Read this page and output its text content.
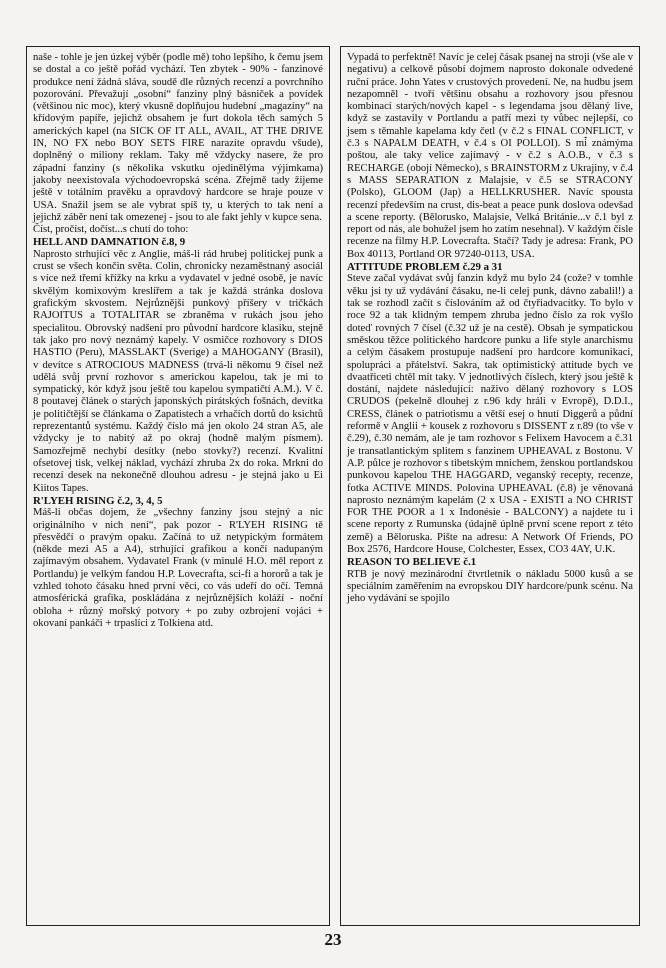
naše - tohle je jen úzkej výběr (podle mě) toho lepšího, k čemu jsem se dostal a co ještě pořád vychází. Ten zbytek - 90% - fanzinové produkce není žádná sláva, soudě dle různých recenzí a povrchního pozorování. Převažují „osobní“ fanziny plný básniček a povídek (většinou nic moc), který vkusně doplňujou hudební „magazíny“ na křídovým papíře, jejichž obsahem je furt dokola těch samých 5 amerických kapel (na SICK OF IT ALL, AVAIL, AT THE DRIVE IN, NO FX nebo BOY SETS FIRE narazíte opravdu všude), doplněný o miliony reklam. Taky mě vždycky nasere, že pro západní fanziny (s několika vskutku ojedinělýma výjimkama) jakoby neexistovala východoevropská scéna. Zřejmě tady žijeme ještě v totálním pravěku a opravdový hardcore se hraje pouze v USA. Snažil jsem se ale vybrat spíš ty, u kterých to tak není a jejichž záběr není tak omezenej - jsou to ale fakt jehly v kupce sena.

Číst, pročíst, dočíst...s chutí do toho:

HELL AND DAMNATION č.8, 9

Naprosto strhující věc z Anglie, máš-li rád hrubej politickej punk a crust se všech končin světa. Colin, chronicky nezaměstnaný asociál s více než třemi křížky na krku a vydavatel v jedné osobě, je navíc skvělým komixovým kreslířem a tak je každá stránka doslova grafickým skvostem. Nejrůznější punkový příšery v tričkách RAJOITUS a TOTALITAR se zbraněma v rukách jsou jeho specialitou. Obrovský nadšení pro původní hardcore klasiku, stejně tak jako pro nový neznámý kapely. V osmičce rozhovory s DIOS HASTIO (Peru), MASSLAKT (Sverige) a MAHOGANY (Brasil), v devítce s ATROCIOUS MADNESS (trvá-li někomu 9 čísel než udělá svůj první rozhovor s americkou kapelou, tak je mi to sympatický, kór když jsou ještě tou kapelou sympatičtí A.M.). V č. 8 poutavej článek o starých japonských pirátských fošnách, devítka je političtější se článkama o Zapatistech a vrhačích dortů do ksichtů reprezentantů systému. Každý číslo má jen okolo 24 stran A5, ale vždycky je to nabitý až po okraj (hodně malým písmem). Samozřejmě nechybí desítky (nebo stovky?) recenzí. Kvalitní ofsetovej tisk, velkej náklad, vychází zhruba 2x do roka. Mrkni do recenzí desek na nekonečně dlouhou adresu - je stejná jako u Ei Kiitos Tapes.

R'LYEH RISING č.2, 3, 4, 5

Máš-li občas dojem, že „všechny fanziny jsou stejný a nic originálního v nich není“, pak pozor - R'LYEH RISING tě přesvědčí o pravým opaku. Začíná to už netypickým formátem (někde mezi A5 a A4), strhující grafikou a končí nadupaným zajímavým obsahem. Vydavatel Frank (v minulé H.O. měl report z Portlandu) je velkým fandou H.P. Lovecrafta, sci-fi a hororů a tak je vzhled tohoto čásaku hned první věci, co vás udeří do očí. Temná atmosférická grafika, poskládána z nejrůznějších koláží - noční obloha + různý mořský potvory + po zuby ozbrojení vojáci + okovaní pankáči + trpaslíci z Tolkiena atd.

Vypadá to perfektně! Navíc je celej čásak psanej na stroji (vše ale v negativu) a celkově působí dojmem naprosto dokonale odvedené ruční práce. John Yates v crustových provedení. Ne, na hudbu jsem nezapomněl - tvoří většinu obsahu a rozhovory jsou přesnou kombinací starých/nových kapel - s legendama jsou dělaný live, když se zastavily v Portlandu a patří mezi ty vůbec nejlepší, co jsem s těmahle kapelama kdy četl (v č.2 s FINAL CONFLICT, v č.3 s NAPALM DEATH, v č.4 s OI POLLOI). S mi̇̃ známýma poštou, ale taky velice zajímavý - v č.2 s A.O.B., v č.3 s RECHARGE (obojí Německo), s BRAINSTORM z Ukrajiny, v č.4 s MASS SEPARATION z Malajsie, v č.5 se STRACONY (Polsko), GLOOM (Jap) a HELLKRUSHER. Navíc spousta recenzí především na crust, dis-beat a peace punk doslova odevšad a scene reporty. (Bělorusko, Malajsie, Velká Británie...v č.1 byl z report od nás, ale bohužel jsem ho zatím nesehnal). V každým čísle recenze na filmy H.P. Lovecrafta. Stačí? Tady je adresa: Frank, PO Box 40113, Portland OR 97240-0113, USA.

ATTITUDE PROBLEM č.29 a 31

Steve začal vydávat svůj fanzin když mu bylo 24 (cože? v tomhle věku jsi ty už vydávání čásaku, ne-li celej punk, dávno zabalil!) a tak se rozhodl začít s číslováním až od čtyřiadvacítky. To bylo v roce 92 a tak klidným tempem zhruba jedno číslo za rok vyšlo doteď rovných 7 čísel (č.32 už je na cestě). Obsah je sympatickou směskou těžce politického hardcore punku a life style anarchismu a celým čásakem prostupuje nadšení pro hardcore komunikaci, spolupráci a přátelství. Sakra, tak optimistický attitude bych ve dvaatřiceti chtěl mít taky. V jednotlivých číslech, který jsou ještě k dostání, najdete následující: naživo dělaný rozhovory s LOS CRUDOS (pekelně dlouhej z r.96 kdy hráli v Evropě), D.D.I., CRESS, článek o patriotismu a větší esej o hnutí Diggerů a půdní reformě v Anglii + kousek z rozhovoru s DISSENT z r.89 (to vše v č.29), č.30 nemám, ale je tam rozhovor s Felixem Havocem a č.31 je transatlantickým splitem s fanzinem UPHEAVAL z Bostonu. V A.P. půlce je rozhovor s tibetským mnichem, ženskou portlandskou punkovou kapelou THE HAGGARD, veganský recepty, recenze, fotka ACTIVE MINDS. Polovina UPHEAVAL (č.8) je věnovaná naprosto neznámým kapelám (2 x USA - EXISTI a NO CHRIST FOR THE POOR a 1 x Indonésie - BALCONY) a najdete tu i scene reporty z Rumunska (údajně úplně první scene report z této země) a Běloruska. Pište na adresu: A Network Of Friends, PO Box 2576, Hardcore House, Colchester, Essex, CO3 4AY, U.K.

REASON TO BELIEVE č.1

RTB je nový mezinárodní čtvrtletník o nákladu 5000 kusů a se speciálním zaměřením na evropskou DIY hardcore/punk scénu. Na jeho vydávání se spojilo

23
